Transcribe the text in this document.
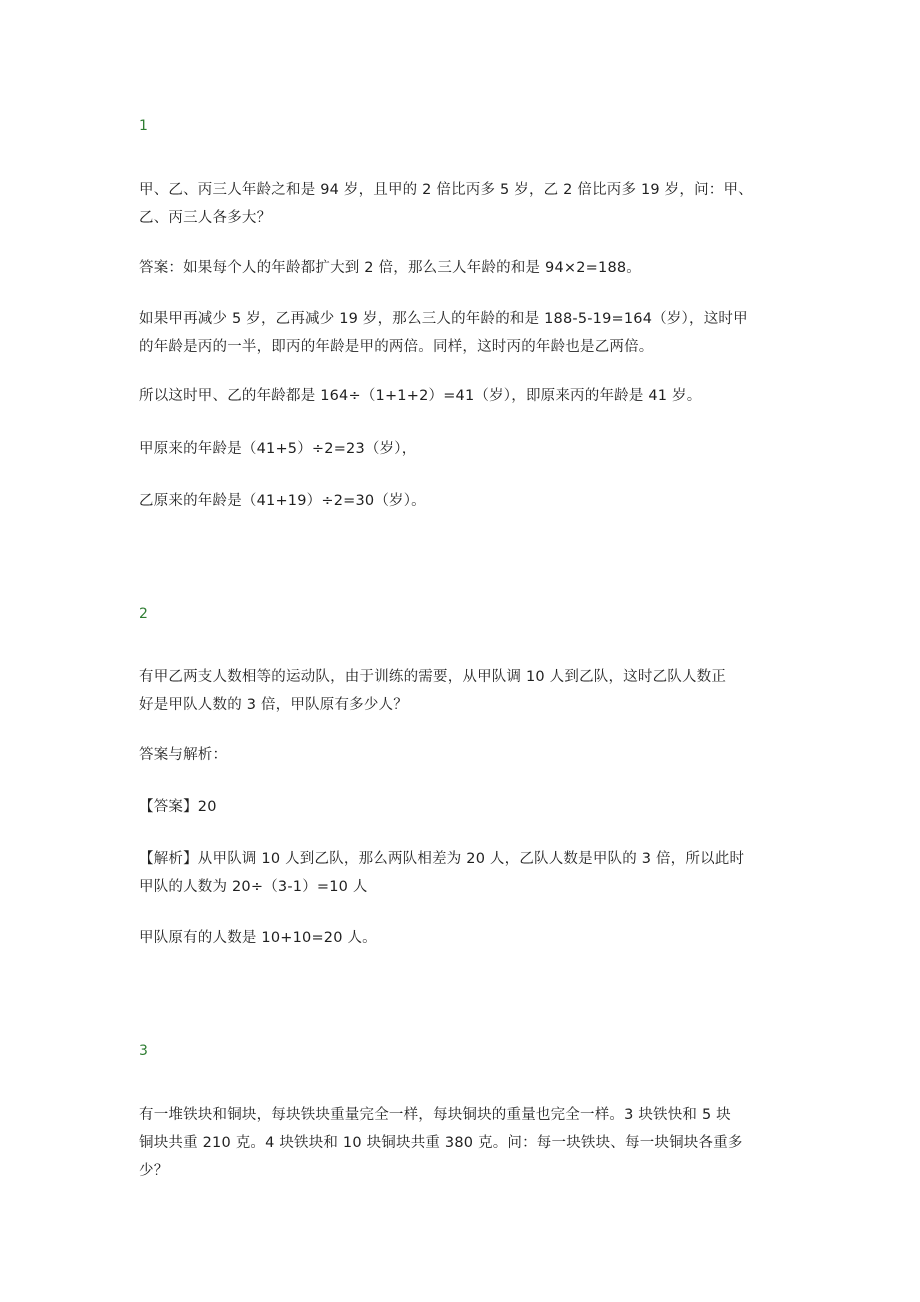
1
甲、乙、丙三人年龄之和是 94 岁，且甲的 2 倍比丙多 5 岁，乙 2 倍比丙多 19 岁，问：甲、
乙、丙三人各多大？
答案：如果每个人的年龄都扩大到 2 倍，那么三人年龄的和是 94×2=188。
如果甲再减少 5 岁，乙再减少 19 岁，那么三人的年龄的和是 188-5-19=164（岁），这时甲
的年龄是丙的一半，即丙的年龄是甲的两倍。同样，这时丙的年龄也是乙两倍。
所以这时甲、乙的年龄都是 164÷（1+1+2）=41（岁），即原来丙的年龄是 41 岁。
甲原来的年龄是（41+5）÷2=23（岁），
乙原来的年龄是（41+19）÷2=30（岁）。
2
有甲乙两支人数相等的运动队，由于训练的需要，从甲队调 10 人到乙队，这时乙队人数正
好是甲队人数的 3 倍，甲队原有多少人？
答案与解析：
【答案】20
【解析】从甲队调 10 人到乙队，那么两队相差为 20 人，乙队人数是甲队的 3 倍，所以此时
甲队的人数为 20÷（3-1）=10 人
甲队原有的人数是 10+10=20 人。
3
有一堆铁块和铜块，每块铁块重量完全一样，每块铜块的重量也完全一样。3 块铁快和 5 块
铜块共重 210 克。4 块铁块和 10 块铜块共重 380 克。问：每一块铁块、每一块铜块各重多
少？
